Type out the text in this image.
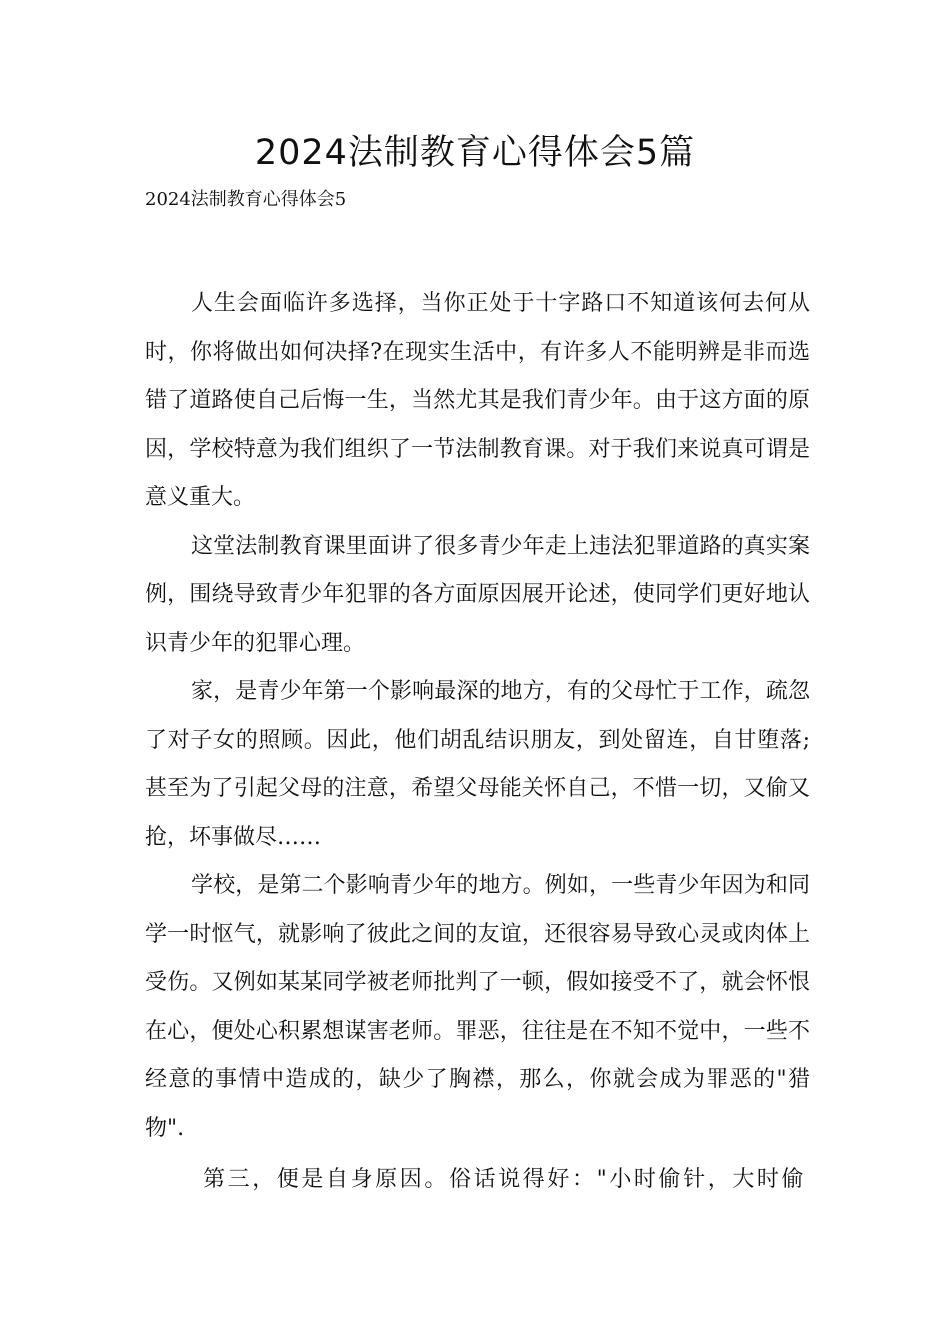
2024法制教育心得体会5篇
2024法制教育心得体会5

人生会面临许多选择，当你正处于十字路口不知道该何去何从时，你将做出如何决择?在现实生活中，有许多人不能明辨是非而选错了道路使自己后悔一生，当然尤其是我们青少年。由于这方面的原因，学校特意为我们组织了一节法制教育课。对于我们来说真可谓是意义重大。

这堂法制教育课里面讲了很多青少年走上违法犯罪道路的真实案例，围绕导致青少年犯罪的各方面原因展开论述，使同学们更好地认识青少年的犯罪心理。

家，是青少年第一个影响最深的地方，有的父母忙于工作，疏忽了对子女的照顾。因此，他们胡乱结识朋友，到处留连，自甘堕落;甚至为了引起父母的注意，希望父母能关怀自己，不惜一切，又偷又抢，坏事做尽……

学校，是第二个影响青少年的地方。例如，一些青少年因为和同学一时怄气，就影响了彼此之间的友谊，还很容易导致心灵或肉体上受伤。又例如某某同学被老师批判了一顿，假如接受不了，就会怀恨在心，便处心积累想谋害老师。罪恶，往往是在不知不觉中，一些不经意的事情中造成的，缺少了胸襟，那么，你就会成为罪恶的"猎物".

第三，便是自身原因。俗话说得好："小时偷针，大时偷
